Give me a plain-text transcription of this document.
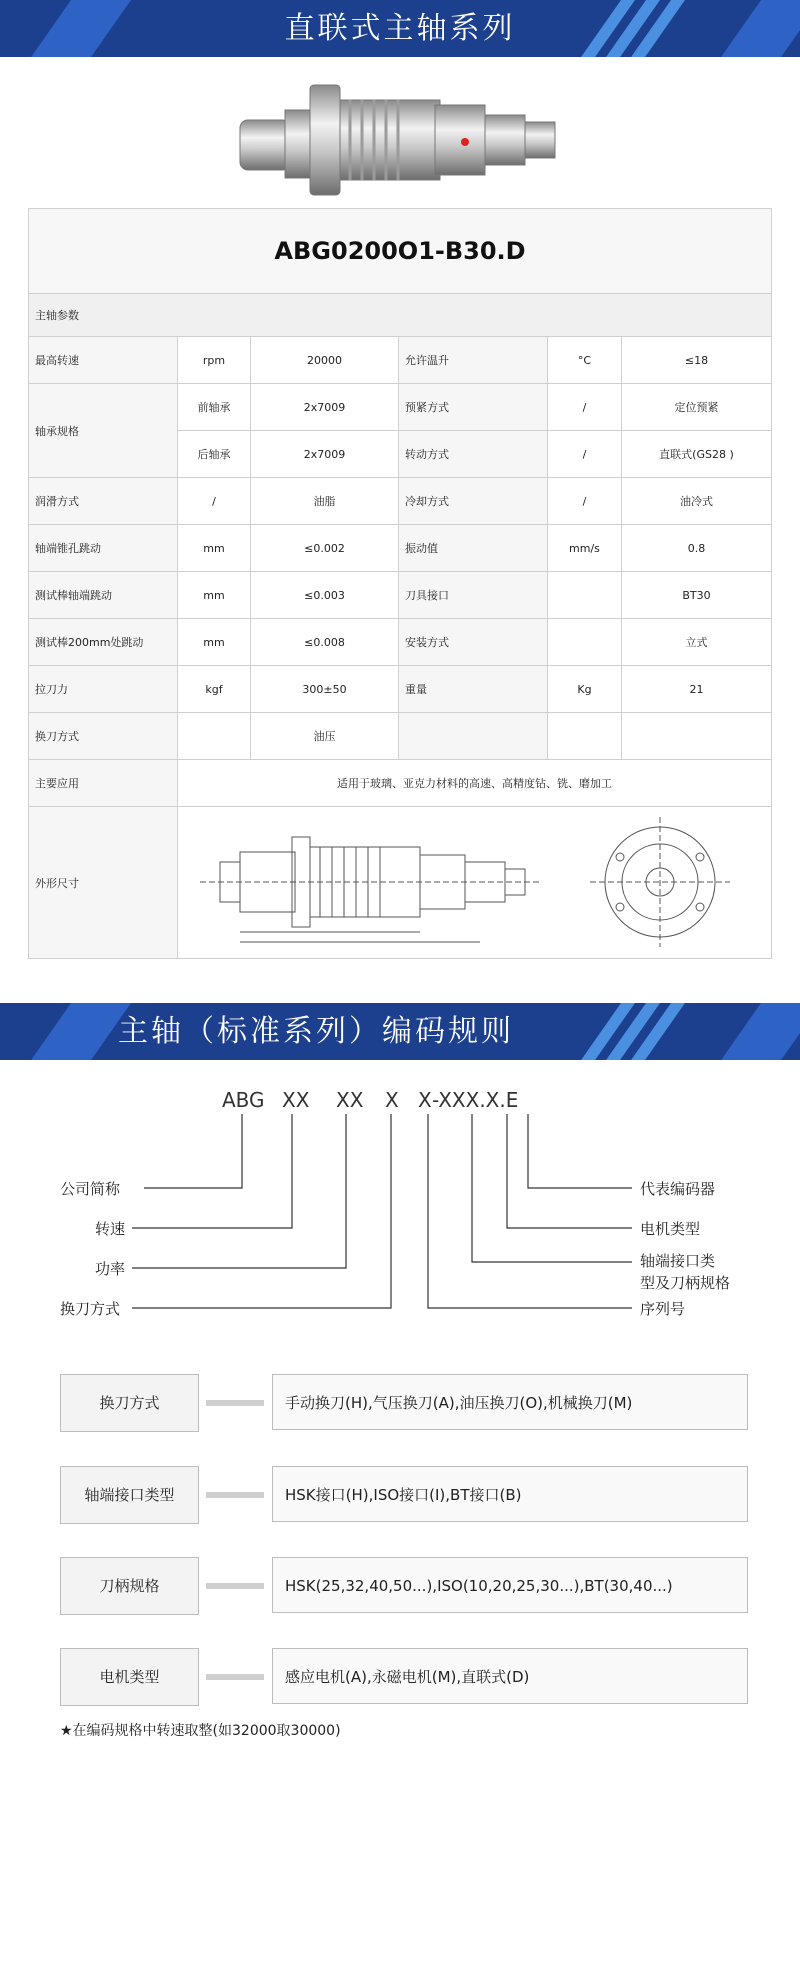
直联式主轴系列
ABG0200O1-B30.D					
主轴参数					
最高转速	rpm	20000	允许温升	°C	≤18
轴承规格	前轴承	2x7009	预紧方式	/	定位预紧
	后轴承	2x7009	转动方式	/	直联式(GS28 )
润滑方式	/	油脂	冷却方式	/	油冷式
轴端锥孔跳动	mm	≤0.002	振动值	mm/s	0.8
测试棒轴端跳动	mm	≤0.003	刀具接口		BT30
测试棒200mm处跳动	mm	≤0.008	安装方式		立式
拉刀力	kgf	300±50	重量	Kg	21
换刀方式		油压			
主要应用	适用于玻璃、亚克力材料的高速、高精度钻、铣、磨加工				
外形尺寸	
主轴（标准系列）编码规则
ABG XX XX X X -XXX.X.E
公司简称
转速
功率
换刀方式
代表编码器
电机类型
轴端接口类
型及刀柄规格
序列号
换刀方式	手动换刀(H),气压换刀(A),油压换刀(O),机械换刀(M)
轴端接口类型	HSK接口(H),ISO接口(I),BT接口(B)
刀柄规格	HSK(25,32,40,50...),ISO(10,20,25,30...),BT(30,40...)
电机类型	感应电机(A),永磁电机(M),直联式(D)
★在编码规格中转速取整(如32000取30000)
